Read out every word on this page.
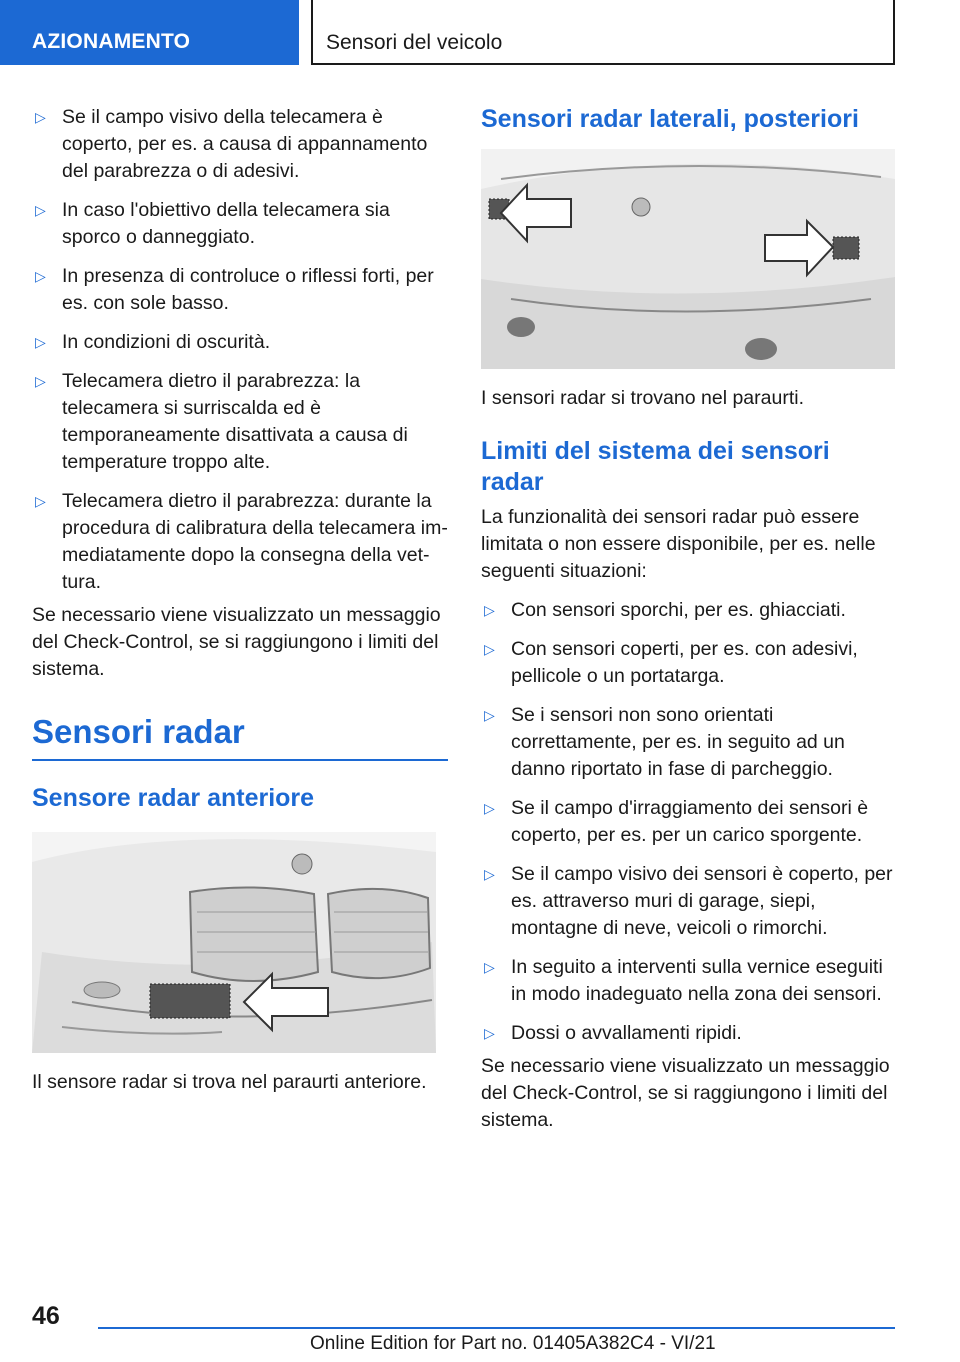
AZIONAMENTO	Sensori del veicolo
▷ Se il campo visivo della telecamera è coperto, per es. a causa di appannamento del parabrezza o di adesivi.
▷ In caso l'obiettivo della telecamera sia sporco o danneggiato.
▷ In presenza di controluce o riflessi forti, per es. con sole basso.
▷ In condizioni di oscurità.
▷ Telecamera dietro il parabrezza: la telecamera si surriscalda ed è temporaneamente disattivata a causa di temperature troppo alte.
▷ Telecamera dietro il parabrezza: durante la procedura di calibratura della telecamera immediatamente dopo la consegna della vettura.

Se necessario viene visualizzato un messaggio del Check-Control, se si raggiungono i limiti del sistema.

Sensori radar
Sensore radar anteriore

Il sensore radar si trova nel paraurti anteriore.

Sensori radar laterali, posteriori

I sensori radar si trovano nel paraurti.

Limiti del sistema dei sensori radar

La funzionalità dei sensori radar può essere limitata o non essere disponibile, per es. nelle seguenti situazioni:

▷ Con sensori sporchi, per es. ghiacciati.
▷ Con sensori coperti, per es. con adesivi, pellicole o un portatarga.
▷ Se i sensori non sono orientati correttamente, per es. in seguito ad un danno riportato in fase di parcheggio.
▷ Se il campo d'irraggiamento dei sensori è coperto, per es. per un carico sporgente.
▷ Se il campo visivo dei sensori è coperto, per es. attraverso muri di garage, siepi, montagne di neve, veicoli o rimorchi.
▷ In seguito a interventi sulla vernice eseguiti in modo inadeguato nella zona dei sensori.
▷ Dossi o avvallamenti ripidi.

Se necessario viene visualizzato un messaggio del Check-Control, se si raggiungono i limiti del sistema.

46
Online Edition for Part no. 01405A382C4 - VI/21
